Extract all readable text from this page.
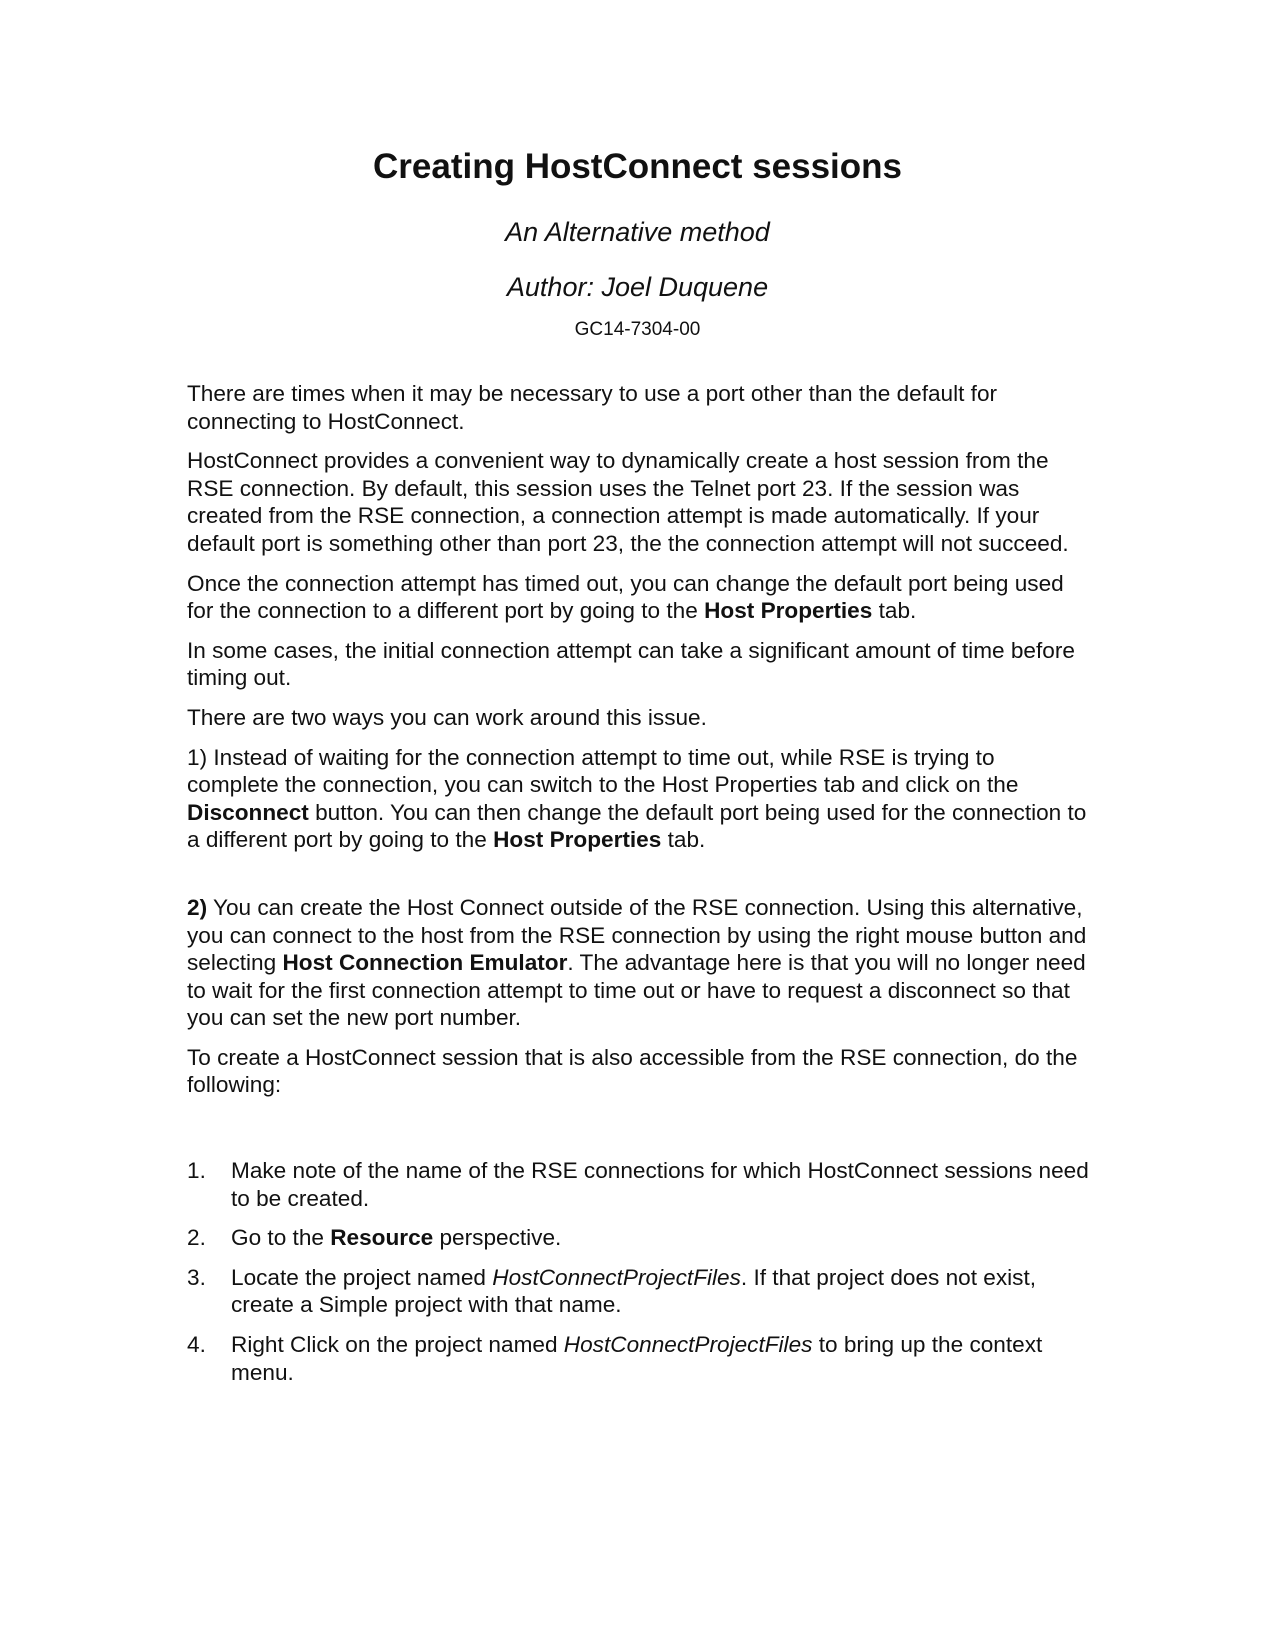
Creating HostConnect sessions
An Alternative method
Author: Joel Duquene
GC14-7304-00

There are times when it may be necessary to use a port other than the default for connecting to HostConnect.

HostConnect provides a convenient way to dynamically create a host session from the RSE connection. By default, this session uses the Telnet port 23. If the session was created from the RSE connection, a connection attempt is made automatically. If your default port is something other than port 23, the the connection attempt will not succeed.

Once the connection attempt has timed out, you can change the default port being used for the connection to a different port by going to the Host Properties tab.

In some cases, the initial connection attempt can take a significant amount of time before timing out.

There are two ways you can work around this issue.

1) Instead of waiting for the connection attempt to time out, while RSE is trying to complete the connection, you can switch to the Host Properties tab and click on the Disconnect button. You can then change the default port being used for the connection to a different port by going to the Host Properties tab.

2) You can create the Host Connect outside of the RSE connection. Using this alternative, you can connect to the host from the RSE connection by using the right mouse button and selecting Host Connection Emulator. The advantage here is that you will no longer need to wait for the first connection attempt to time out or have to request a disconnect so that you can set the new port number.

To create a HostConnect session that is also accessible from the RSE connection, do the following:

1. Make note of the name of the RSE connections for which HostConnect sessions need to be created.
2. Go to the Resource perspective.
3. Locate the project named HostConnectProjectFiles. If that project does not exist, create a Simple project with that name.
4. Right Click on the project named HostConnectProjectFiles to bring up the context menu.
